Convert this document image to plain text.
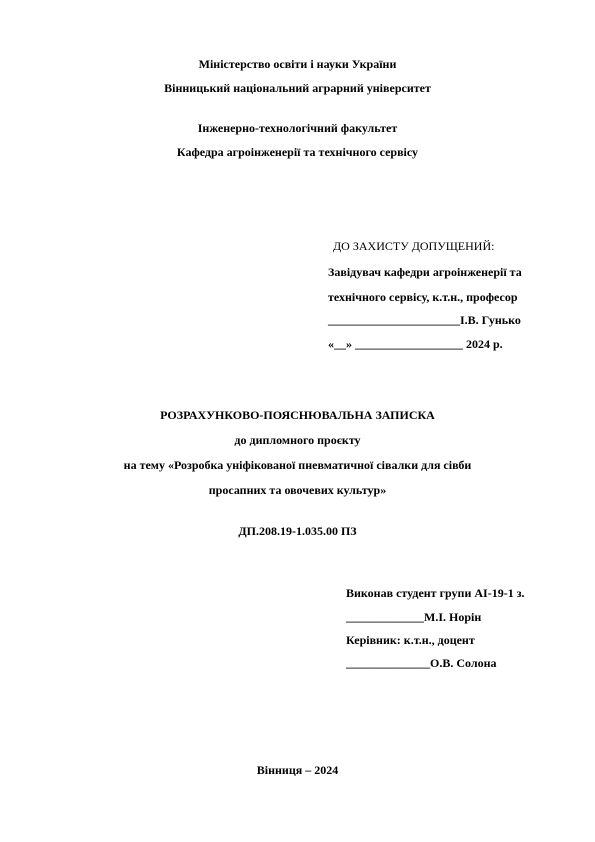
Міністерство освіти і науки України
Вінницький національний аграрний університет
Інженерно-технологічний факультет
Кафедра агроінженерії та технічного сервісу
ДО ЗАХИСТУ ДОПУЩЕНИЙ:
Завідувач кафедри агроінженерії та
технічного сервісу, к.т.н., професор
______________________І.В. Гунько
«__» __________________ 2024 р.
РОЗРАХУНКОВО-ПОЯСНЮВАЛЬНА ЗАПИСКА
до дипломного проєкту
на тему «Розробка уніфікованої пневматичної сівалки для сівби
просапних та овочевих культур»
ДП.208.19-1.035.00 ПЗ
Виконав студент групи АІ-19-1 з.
_____________М.І. Норін
Керівник: к.т.н., доцент
______________О.В. Солона
Вінниця – 2024
